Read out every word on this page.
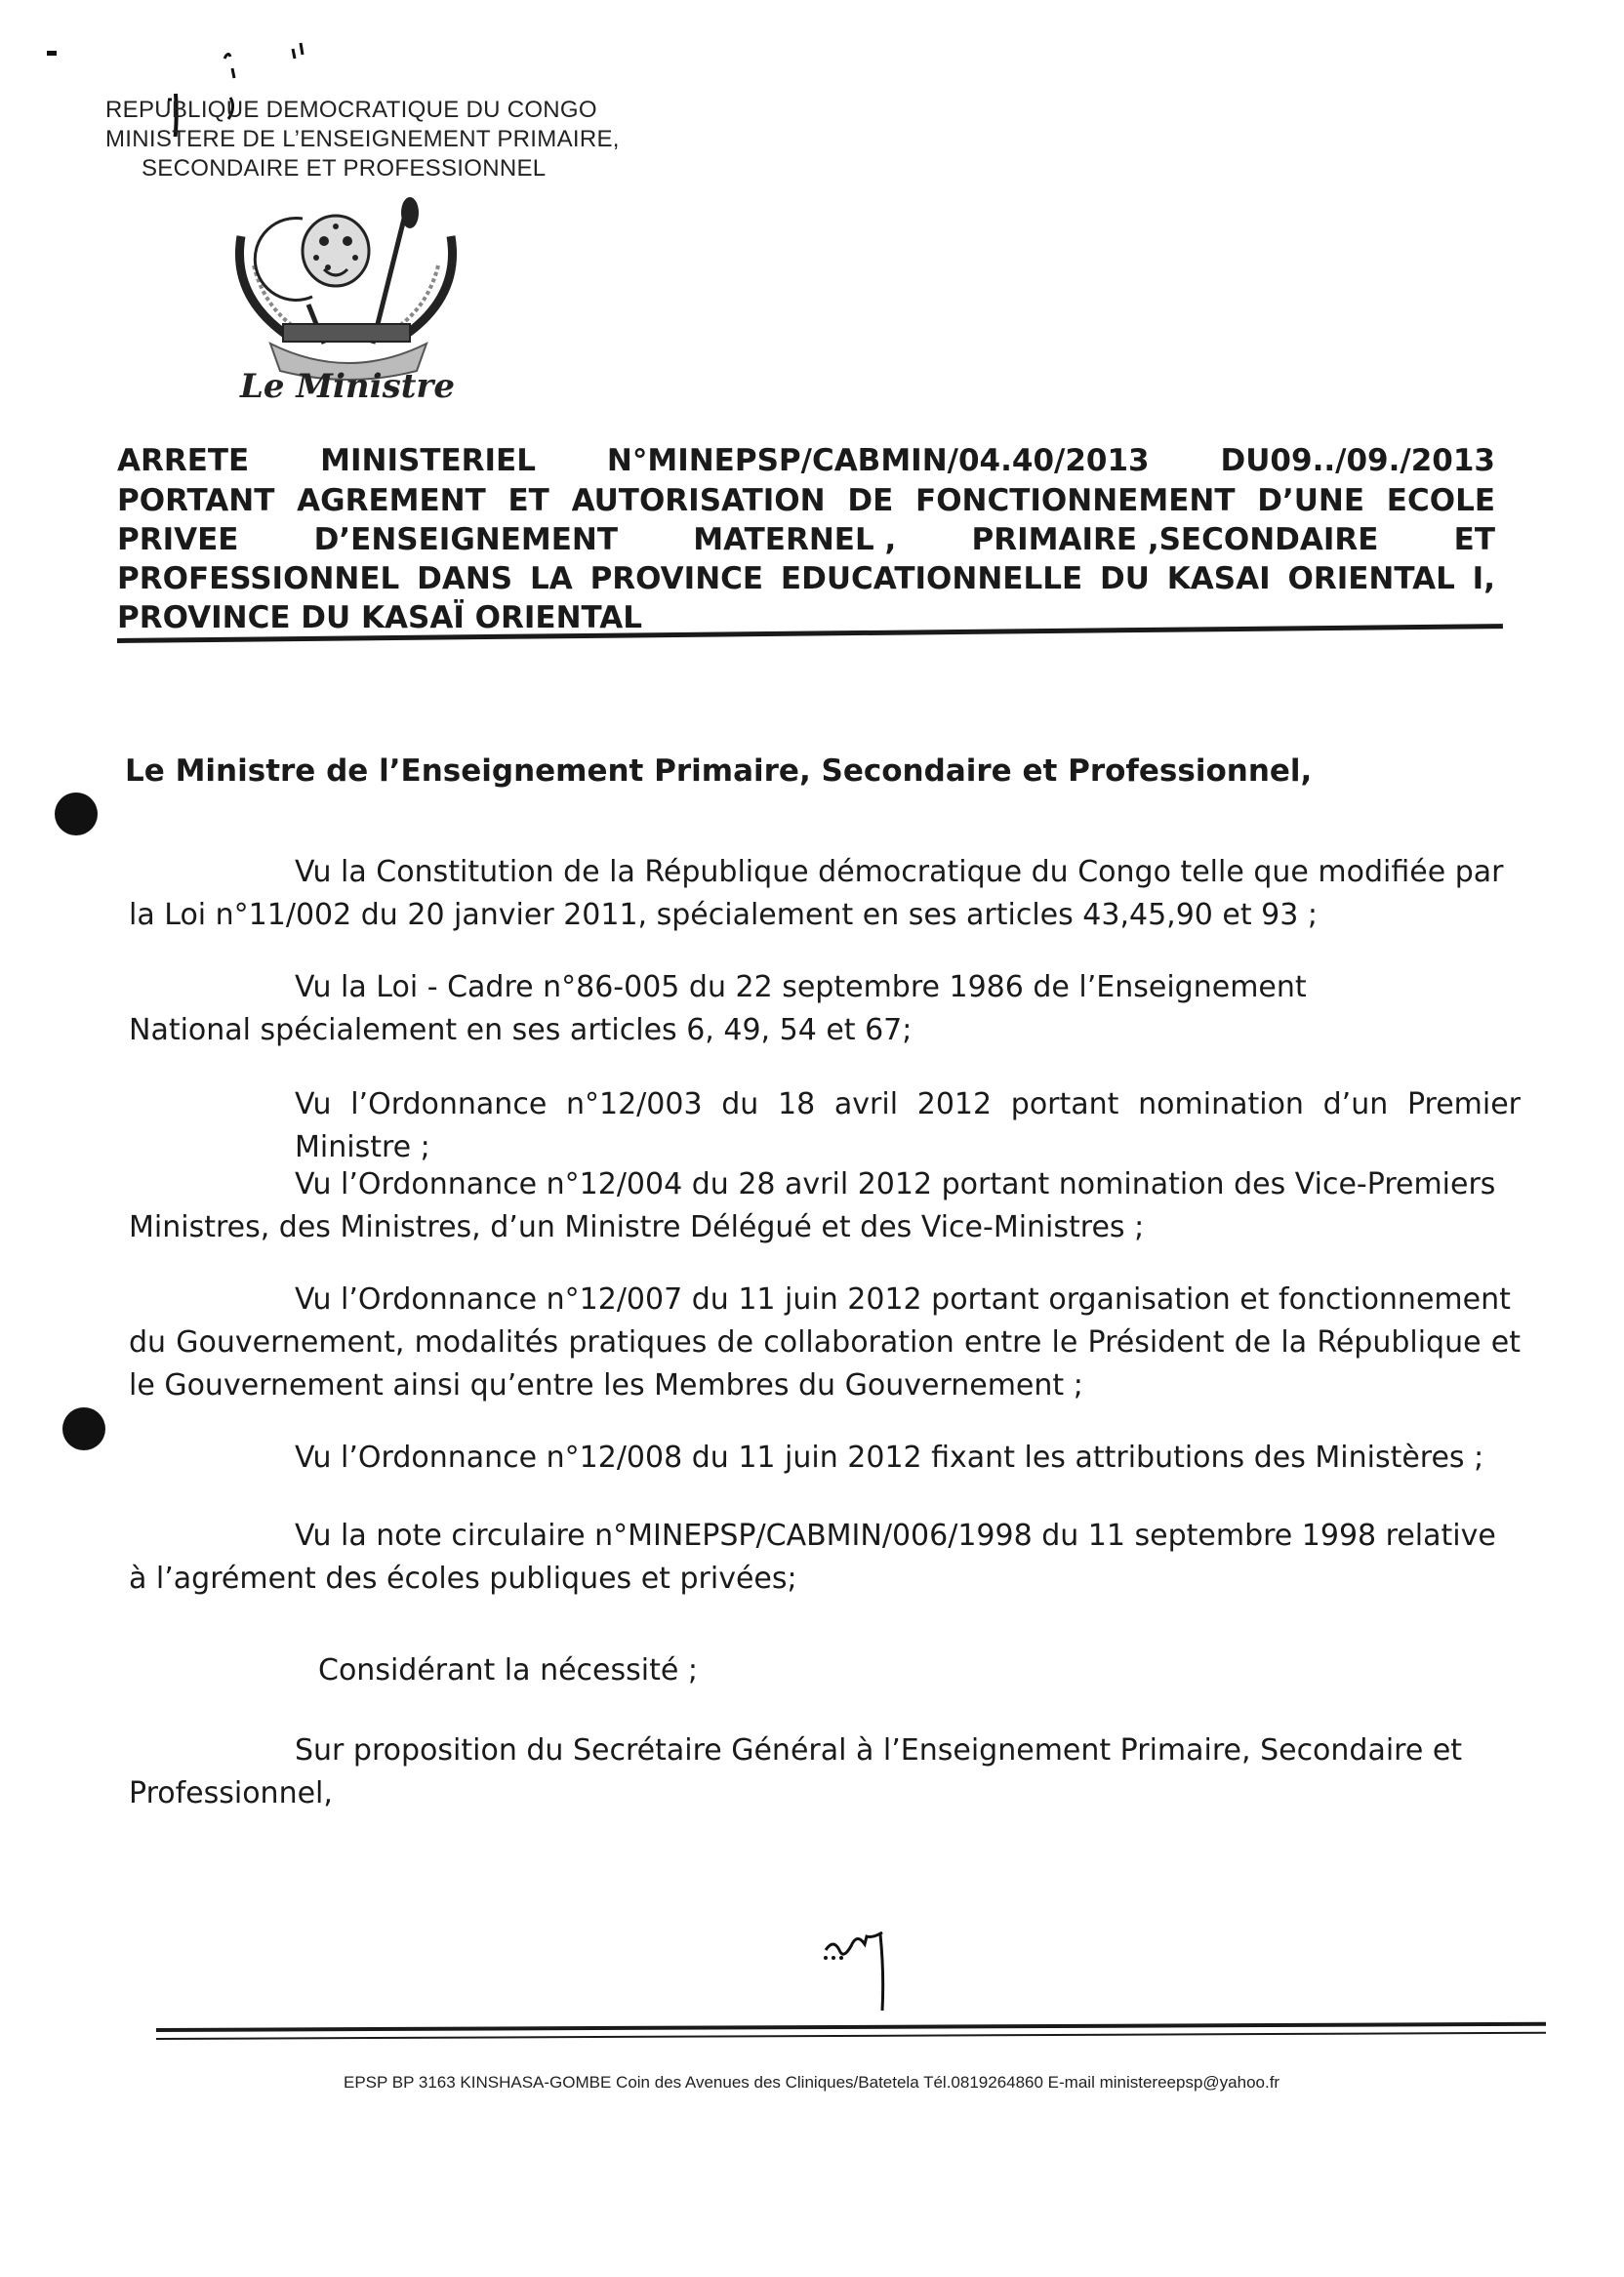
REPUBLIQUE DEMOCRATIQUE DU CONGO
MINISTERE DE L’ENSEIGNEMENT PRIMAIRE,
SECONDAIRE ET PROFESSIONNEL
Le Ministre
ARRETE MINISTERIEL N°MINEPSP/CABMIN/04.40/2013 DU09../09./2013
PORTANT AGREMENT ET AUTORISATION DE FONCTIONNEMENT D’UNE ECOLE
PRIVEE D’ENSEIGNEMENT MATERNEL , PRIMAIRE ,SECONDAIRE ET
PROFESSIONNEL DANS LA PROVINCE EDUCATIONNELLE DU KASAI ORIENTAL I,
PROVINCE DU KASAÏ ORIENTAL
Le Ministre de l’Enseignement Primaire, Secondaire et Professionnel,
Vu la Constitution de la République démocratique du Congo telle que modifiée par
la Loi n°11/002 du 20 janvier 2011, spécialement en ses articles 43,45,90 et 93 ;
Vu la Loi - Cadre n°86-005 du 22 septembre 1986 de l’Enseignement
National spécialement en ses articles 6, 49, 54 et 67;
Vu l’Ordonnance n°12/003 du 18 avril 2012 portant nomination d’un Premier Ministre ;
Vu l’Ordonnance n°12/004 du 28 avril 2012 portant nomination des Vice-Premiers
Ministres, des Ministres, d’un Ministre Délégué et des Vice-Ministres ;
Vu l’Ordonnance n°12/007 du 11 juin 2012 portant organisation et fonctionnement
du Gouvernement, modalités pratiques de collaboration entre le Président de la République et le Gouvernement ainsi qu’entre les Membres du Gouvernement ;
Vu l’Ordonnance n°12/008 du 11 juin 2012 fixant les attributions des Ministères ;
Vu la note circulaire n°MINEPSP/CABMIN/006/1998 du 11 septembre 1998 relative
à l’agrément des écoles publiques et privées;
Considérant la nécessité ;
Sur proposition du Secrétaire Général à l’Enseignement Primaire, Secondaire et
Professionnel,
EPSP BP 3163 KINSHASA-GOMBE Coin des Avenues des Cliniques/Batetela Tél.0819264860 E-mail ministereepsp@yahoo.fr
